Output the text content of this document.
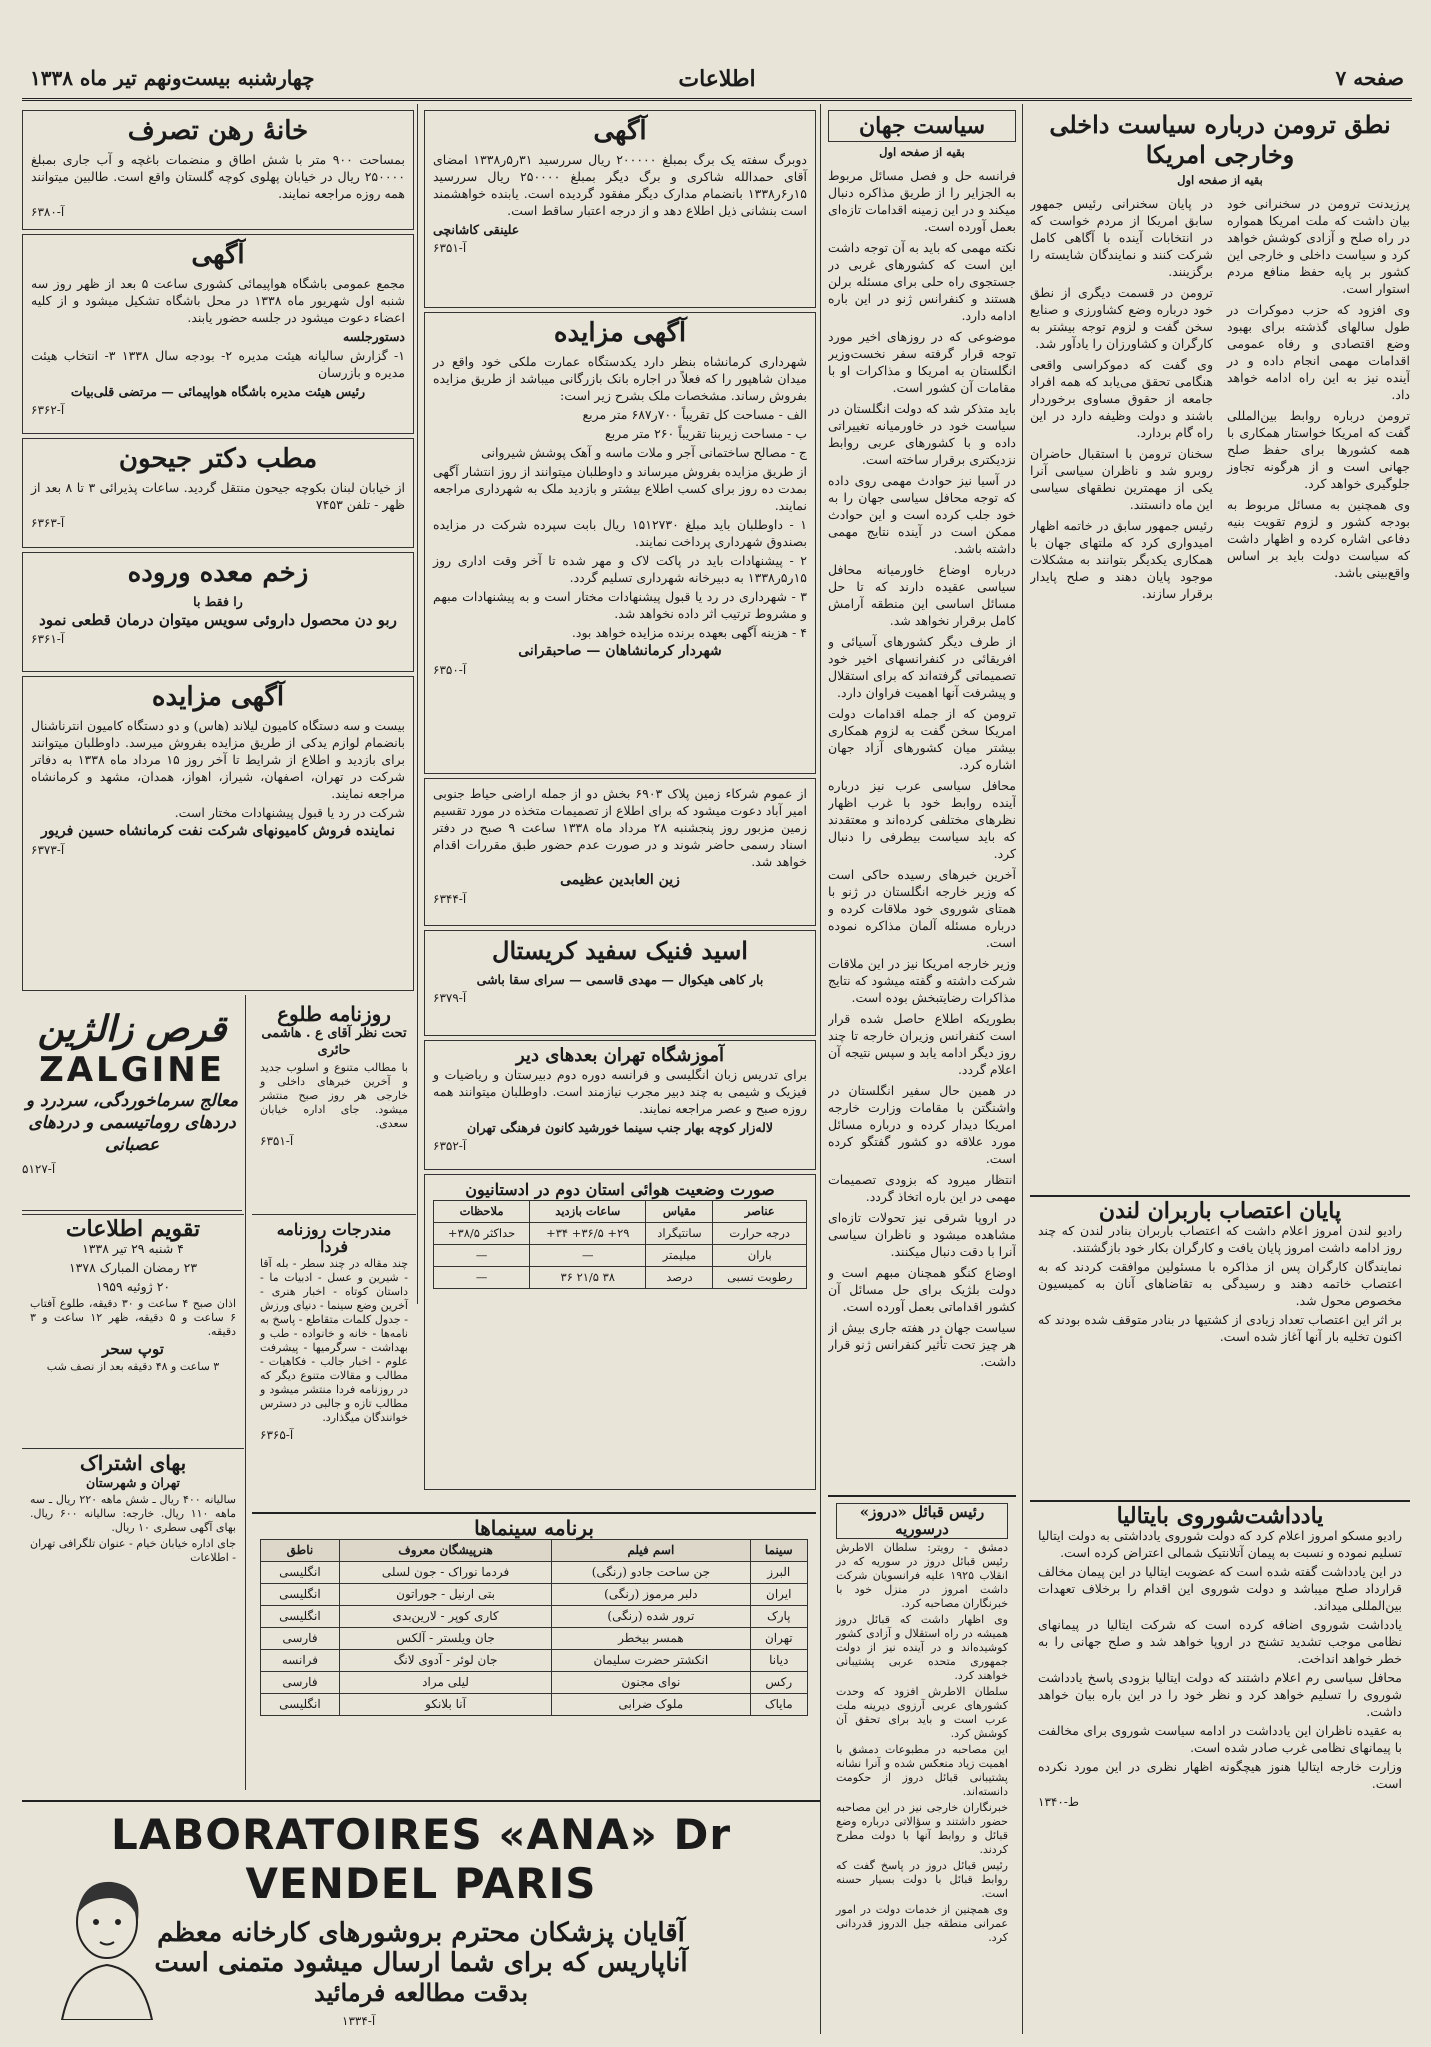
صفحه ۷
اطلاعات
چهارشنبه بیست‌ونهم تیر ماه ۱۳۳۸
نطق ترومن درباره سیاست داخلی وخارجی امریکا
بقیه از صفحه اول

پرزیدنت ترومن در سخنرانی خود بیان داشت که ملت امریکا همواره در راه صلح و آزادی کوشش خواهد کرد و سیاست داخلی و خارجی این کشور بر پایه حفظ منافع مردم استوار است.

وی افزود که حزب دموکرات در طول سالهای گذشته برای بهبود وضع اقتصادی و رفاه عمومی اقدامات مهمی انجام داده و در آینده نیز به این راه ادامه خواهد داد.

ترومن درباره روابط بین‌المللی گفت که امریکا خواستار همکاری با همه کشورها برای حفظ صلح جهانی است و از هرگونه تجاوز جلوگیری خواهد کرد.

وی همچنین به مسائل مربوط به بودجه کشور و لزوم تقویت بنیه دفاعی اشاره کرده و اظهار داشت که سیاست دولت باید بر اساس واقع‌بینی باشد.

در پایان سخنرانی رئیس جمهور سابق امریکا از مردم خواست که در انتخابات آینده با آگاهی کامل شرکت کنند و نمایندگان شایسته را برگزینند.

ترومن در قسمت دیگری از نطق خود درباره وضع کشاورزی و صنایع سخن گفت و لزوم توجه بیشتر به کارگران و کشاورزان را یادآور شد.

وی گفت که دموکراسی واقعی هنگامی تحقق می‌یابد که همه افراد جامعه از حقوق مساوی برخوردار باشند و دولت وظیفه دارد در این راه گام بردارد.

سخنان ترومن با استقبال حاضران روبرو شد و ناظران سیاسی آنرا یکی از مهمترین نطقهای سیاسی این ماه دانستند.

رئیس جمهور سابق در خاتمه اظهار امیدواری کرد که ملتهای جهان با همکاری یکدیگر بتوانند به مشکلات موجود پایان دهند و صلح پایدار برقرار سازند.

پایان اعتصاب باربران لندن

رادیو لندن امروز اعلام داشت که اعتصاب باربران بنادر لندن که چند روز ادامه داشت امروز پایان یافت و کارگران بکار خود بازگشتند.

نمایندگان کارگران پس از مذاکره با مسئولین موافقت کردند که به اعتصاب خاتمه دهند و رسیدگی به تقاضاهای آنان به کمیسیون مخصوص محول شد.

بر اثر این اعتصاب تعداد زیادی از کشتیها در بنادر متوقف شده بودند که اکنون تخلیه بار آنها آغاز شده است.

یادداشت‌شوروی بایتالیا

رادیو مسکو امروز اعلام کرد که دولت شوروی یادداشتی به دولت ایتالیا تسلیم نموده و نسبت به پیمان آتلانتیک شمالی اعتراض کرده است.

در این یادداشت گفته شده است که عضویت ایتالیا در این پیمان مخالف قرارداد صلح میباشد و دولت شوروی این اقدام را برخلاف تعهدات بین‌المللی میداند.

یادداشت شوروی اضافه کرده است که شرکت ایتالیا در پیمانهای نظامی موجب تشدید تشنج در اروپا خواهد شد و صلح جهانی را به خطر خواهد انداخت.

محافل سیاسی رم اعلام داشتند که دولت ایتالیا بزودی پاسخ یادداشت شوروی را تسلیم خواهد کرد و نظر خود را در این باره بیان خواهد داشت.

به عقیده ناظران این یادداشت در ادامه سیاست شوروی برای مخالفت با پیمانهای نظامی غرب صادر شده است.

وزارت خارجه ایتالیا هنوز هیچگونه اظهار نظری در این مورد نکرده است.

ط‌-۱۳۴۰

سیاست جهان
بقیه از صفحه اول

فرانسه حل و فصل مسائل مربوط به الجزایر را از طریق مذاکره دنبال میکند و در این زمینه اقدامات تازه‌ای بعمل آورده است.

نکته مهمی که باید به آن توجه داشت این است که کشورهای غربی در جستجوی راه حلی برای مسئله برلن هستند و کنفرانس ژنو در این باره ادامه دارد.

موضوعی که در روزهای اخیر مورد توجه قرار گرفته سفر نخست‌وزیر انگلستان به امریکا و مذاکرات او با مقامات آن کشور است.

باید متذکر شد که دولت انگلستان در سیاست خود در خاورمیانه تغییراتی داده و با کشورهای عربی روابط نزدیکتری برقرار ساخته است.

در آسیا نیز حوادث مهمی روی داده که توجه محافل سیاسی جهان را به خود جلب کرده است و این حوادث ممکن است در آینده نتایج مهمی داشته باشد.

درباره اوضاع خاورمیانه محافل سیاسی عقیده دارند که تا حل مسائل اساسی این منطقه آرامش کامل برقرار نخواهد شد.

از طرف دیگر کشورهای آسیائی و افریقائی در کنفرانسهای اخیر خود تصمیماتی گرفته‌اند که برای استقلال و پیشرفت آنها اهمیت فراوان دارد.

ترومن که از جمله اقدامات دولت امریکا سخن گفت به لزوم همکاری بیشتر میان کشورهای آزاد جهان اشاره کرد.

محافل سیاسی عرب نیز درباره آینده روابط خود با غرب اظهار نظرهای مختلفی کرده‌اند و معتقدند که باید سیاست بیطرفی را دنبال کرد.

آخرین خبرهای رسیده حاکی است که وزیر خارجه انگلستان در ژنو با همتای شوروی خود ملاقات کرده و درباره مسئله آلمان مذاکره نموده است.

وزیر خارجه امریکا نیز در این ملاقات شرکت داشته و گفته میشود که نتایج مذاکرات رضایتبخش بوده است.

بطوریکه اطلاع حاصل شده قرار است کنفرانس وزیران خارجه تا چند روز دیگر ادامه یابد و سپس نتیجه آن اعلام گردد.

در همین حال سفیر انگلستان در واشنگتن با مقامات وزارت خارجه امریکا دیدار کرده و درباره مسائل مورد علاقه دو کشور گفتگو کرده است.

انتظار میرود که بزودی تصمیمات مهمی در این باره اتخاذ گردد.

در اروپا شرقی نیز تحولات تازه‌ای مشاهده میشود و ناظران سیاسی آنرا با دقت دنبال میکنند.

اوضاع کنگو همچنان مبهم است و دولت بلژیک برای حل مسائل آن کشور اقداماتی بعمل آورده است.

سیاست جهان در هفته جاری بیش از هر چیز تحت تأثیر کنفرانس ژنو قرار داشت.

رئیس قبائل «دروز» درسوریه

دمشق - رویتر: سلطان الاطرش رئیس قبائل دروز در سوریه که در انقلاب ۱۹۲۵ علیه فرانسویان شرکت داشت امروز در منزل خود با خبرنگاران مصاحبه کرد.

وی اظهار داشت که قبائل دروز همیشه در راه استقلال و آزادی کشور کوشیده‌اند و در آینده نیز از دولت جمهوری متحده عربی پشتیبانی خواهند کرد.

سلطان الاطرش افزود که وحدت کشورهای عربی آرزوی دیرینه ملت عرب است و باید برای تحقق آن کوشش کرد.

این مصاحبه در مطبوعات دمشق با اهمیت زیاد منعکس شده و آنرا نشانه پشتیبانی قبائل دروز از حکومت دانسته‌اند.

خبرنگاران خارجی نیز در این مصاحبه حضور داشتند و سؤالاتی درباره وضع قبائل و روابط آنها با دولت مطرح کردند.

رئیس قبائل دروز در پاسخ گفت که روابط قبائل با دولت بسیار حسنه است.

وی همچنین از خدمات دولت در امور عمرانی منطقه جبل الدروز قدردانی کرد.

آگهی

دوبرگ سفته یک برگ بمبلغ ۲۰۰۰۰۰ ریال سررسید ۳۱ر۵ر۱۳۳۸ امضای آقای حمدالله شاکری و برگ دیگر بمبلغ ۲۵۰۰۰۰ ریال سررسید ۱۵ر۶ر۱۳۳۸ بانضمام مدارک دیگر مفقود گردیده است. یابنده خواهشمند است بنشانی ذیل اطلاع دهد و از درجه اعتبار ساقط است.

علینقی کاشانچی

آ-۶۳۵۱

آگهی مزایده

شهرداری کرمانشاه بنظر دارد یکدستگاه عمارت ملکی خود واقع در میدان شاهپور را که فعلاً در اجاره بانک بازرگانی میباشد از طریق مزایده بفروش رساند. مشخصات ملک بشرح زیر است:

الف - مساحت کل تقریباً ۷۰۰ر۶۸۷ متر مربع

ب - مساحت زیربنا تقریباً ۲۶۰ متر مربع

ج - مصالح ساختمانی آجر و ملات ماسه و آهک پوشش شیروانی

از طریق مزایده بفروش میرساند و داوطلبان میتوانند از روز انتشار آگهی بمدت ده روز برای کسب اطلاع بیشتر و بازدید ملک به شهرداری مراجعه نمایند.

۱ - داوطلبان باید مبلغ ۱۵۱۲۷۳۰ ریال بابت سپرده شرکت در مزایده بصندوق شهرداری پرداخت نمایند.

۲ - پیشنهادات باید در پاکت لاک و مهر شده تا آخر وقت اداری روز ۱۵ر۵ر۱۳۳۸ به دبیرخانه شهرداری تسلیم گردد.

۳ - شهرداری در رد یا قبول پیشنهادات مختار است و به پیشنهادات مبهم و مشروط ترتیب اثر داده نخواهد شد.

۴ - هزینه آگهی بعهده برنده مزایده خواهد بود.

شهردار کرمانشاهان — صاحبقرانی

آ-۶۳۵۰

از عموم شرکاء زمین پلاک ۶۹۰۳ بخش دو از جمله اراضی حیاط جنوبی امیر آباد دعوت میشود که برای اطلاع از تصمیمات متخذه در مورد تقسیم زمین مزبور روز پنجشنبه ۲۸ مرداد ماه ۱۳۳۸ ساعت ۹ صبح در دفتر اسناد رسمی حاضر شوند و در صورت عدم حضور طبق مقررات اقدام خواهد شد.

زین العابدین عظیمی

آ-۶۳۴۴

اسید فنیک سفید کریستال

بار کاهی هیکوال — مهدی قاسمی — سرای سقا باشی

آ-۶۳۷۹

آموزشگاه تهران بعدهای دیر

برای تدریس زبان انگلیسی و فرانسه دوره دوم دبیرستان و ریاضیات و فیزیک و شیمی به چند دبیر مجرب نیازمند است. داوطلبان میتوانند همه روزه صبح و عصر مراجعه نمایند.

لاله‌زار کوچه بهار جنب سینما خورشید کانون فرهنگی تهران

آ-۶۳۵۲

صورت وضعیت هوائی استان دوم در ادستانیون
عناصر	مقیاس	ساعات بازدید	ملاحظات
درجه حرارت	سانتیگراد	۲۹+ ۳۶/۵+ ۳۴+	حداکثر ۳۸/۵+
باران	میلیمتر	—	—
رطوبت نسبی	درصد	۳۸ ۲۱/۵ ۳۶	—
خانهٔ رهن تصرف

بمساحت ۹۰۰ متر با شش اطاق و منضمات باغچه و آب جاری بمبلغ ۲۵۰۰۰۰ ریال در خیابان پهلوی کوچه گلستان واقع است. طالبین میتوانند همه روزه مراجعه نمایند.

آ-۶۳۸۰

آگهی

مجمع عمومی باشگاه هواپیمائی کشوری ساعت ۵ بعد از ظهر روز سه شنبه اول شهریور ماه ۱۳۳۸ در محل باشگاه تشکیل میشود و از کلیه اعضاء دعوت میشود در جلسه حضور یابند.

دستورجلسه

۱- گزارش سالیانه هیئت مدیره ۲- بودجه سال ۱۳۳۸ ۳- انتخاب هیئت مدیره و بازرسان

رئیس هیئت مدیره باشگاه هواپیمائی — مرتضی قلی‌بیات

آ-۶۳۶۲

مطب دکتر جیحون

از خیابان لبنان بکوچه جیحون منتقل گردید. ساعات پذیرائی ۳ تا ۸ بعد از ظهر - تلفن ۷۴۵۳

آ-۶۳۶۳

زخم معده وروده

را فقط با

ربو دن محصول داروئی سویس میتوان درمان قطعی نمود

آ-۶۳۶۱

آگهی مزایده

بیست و سه دستگاه کامیون لیلاند (هاس) و دو دستگاه کامیون انترناشنال بانضمام لوازم یدکی از طریق مزایده بفروش میرسد. داوطلبان میتوانند برای بازدید و اطلاع از شرایط تا آخر روز ۱۵ مرداد ماه ۱۳۳۸ به دفاتر شرکت در تهران، اصفهان، شیراز، اهواز، همدان، مشهد و کرمانشاه مراجعه نمایند.

شرکت در رد یا قبول پیشنهادات مختار است.

نماینده فروش کامیونهای شرکت نفت کرمانشاه حسین فریور

آ-۶۳۷۳

قرص زالژین
ZALGINE
معالج سرماخوردگی، سردرد و دردهای روماتیسمی و دردهای عصبانی
آ-۵۱۲۷
روزنامه طلوع

تحت نظر آقای ع . هاشمی حائری

با مطالب متنوع و اسلوب جدید و آخرین خبرهای داخلی و خارجی هر روز صبح منتشر میشود. جای اداره خیابان سعدی.

آ-۶۳۵۱

تقویم اطلاعات

۴ شنبه ۲۹ تیر ۱۳۳۸

۲۳ رمضان المبارک ۱۳۷۸

۲۰ ژوئیه ۱۹۵۹

اذان صبح ۴ ساعت و ۳۰ دقیقه، طلوع آفتاب ۶ ساعت و ۵ دقیقه، ظهر ۱۲ ساعت و ۳ دقیقه.

توپ سحر

۳ ساعت و ۴۸ دقیقه بعد از نصف شب

مندرجات روزنامه فردا

چند مقاله در چند سطر - بله آقا - شیرین و عسل - ادبیات ما - داستان کوتاه - اخبار هنری - آخرین وضع سینما - دنیای ورزش - جدول کلمات متقاطع - پاسخ به نامه‌ها - خانه و خانواده - طب و بهداشت - سرگرمیها - پیشرفت علوم - اخبار جالب - فکاهیات - مطالب و مقالات متنوع دیگر که در روزنامه فردا منتشر میشود و مطالب تازه و جالبی در دسترس خوانندگان میگذارد.

آ-۶۳۶۵

بهای اشتراک

تهران و شهرستان

سالیانه ۴۰۰ ریال ـ شش ماهه ۲۲۰ ریال ـ سه ماهه ۱۱۰ ریال. خارجه: سالیانه ۶۰۰ ریال. بهای آگهی سطری ۱۰ ریال.

جای اداره خیابان خیام - عنوان تلگرافی تهران - اطلاعات

برنامه سینماها
سینما	اسم فیلم	هنرپیشگان معروف	ناطق
البرز	جن ساحت جادو (رنگی)	فردما نوراک - جون لسلی	انگلیسی
ایران	دلبر مرموز (رنگی)	بتی ارنیل - جوراتون	انگلیسی
پارک	ترور شده (رنگی)	کاری کوپر - لارین‌بدی	انگلیسی
تهران	همسر بیخطر	جان ویلستر - آلکس	فارسی
دیانا	انکشتر حضرت سلیمان	جان لوئر - آدوی لانگ	فرانسه
رکس	نوای مجنون	لیلی مراد	فارسی
مایاک	ملوک ضرابی	آنا بلانکو	انگلیسی
LABORATOIRES «ANA» Dr VENDEL PARIS
آقایان پزشکان محترم بروشورهای کارخانه معظم
آناپاریس که برای شما ارسال میشود متمنی است
بدقت مطالعه فرمائید
آ-۱۳۳۴
